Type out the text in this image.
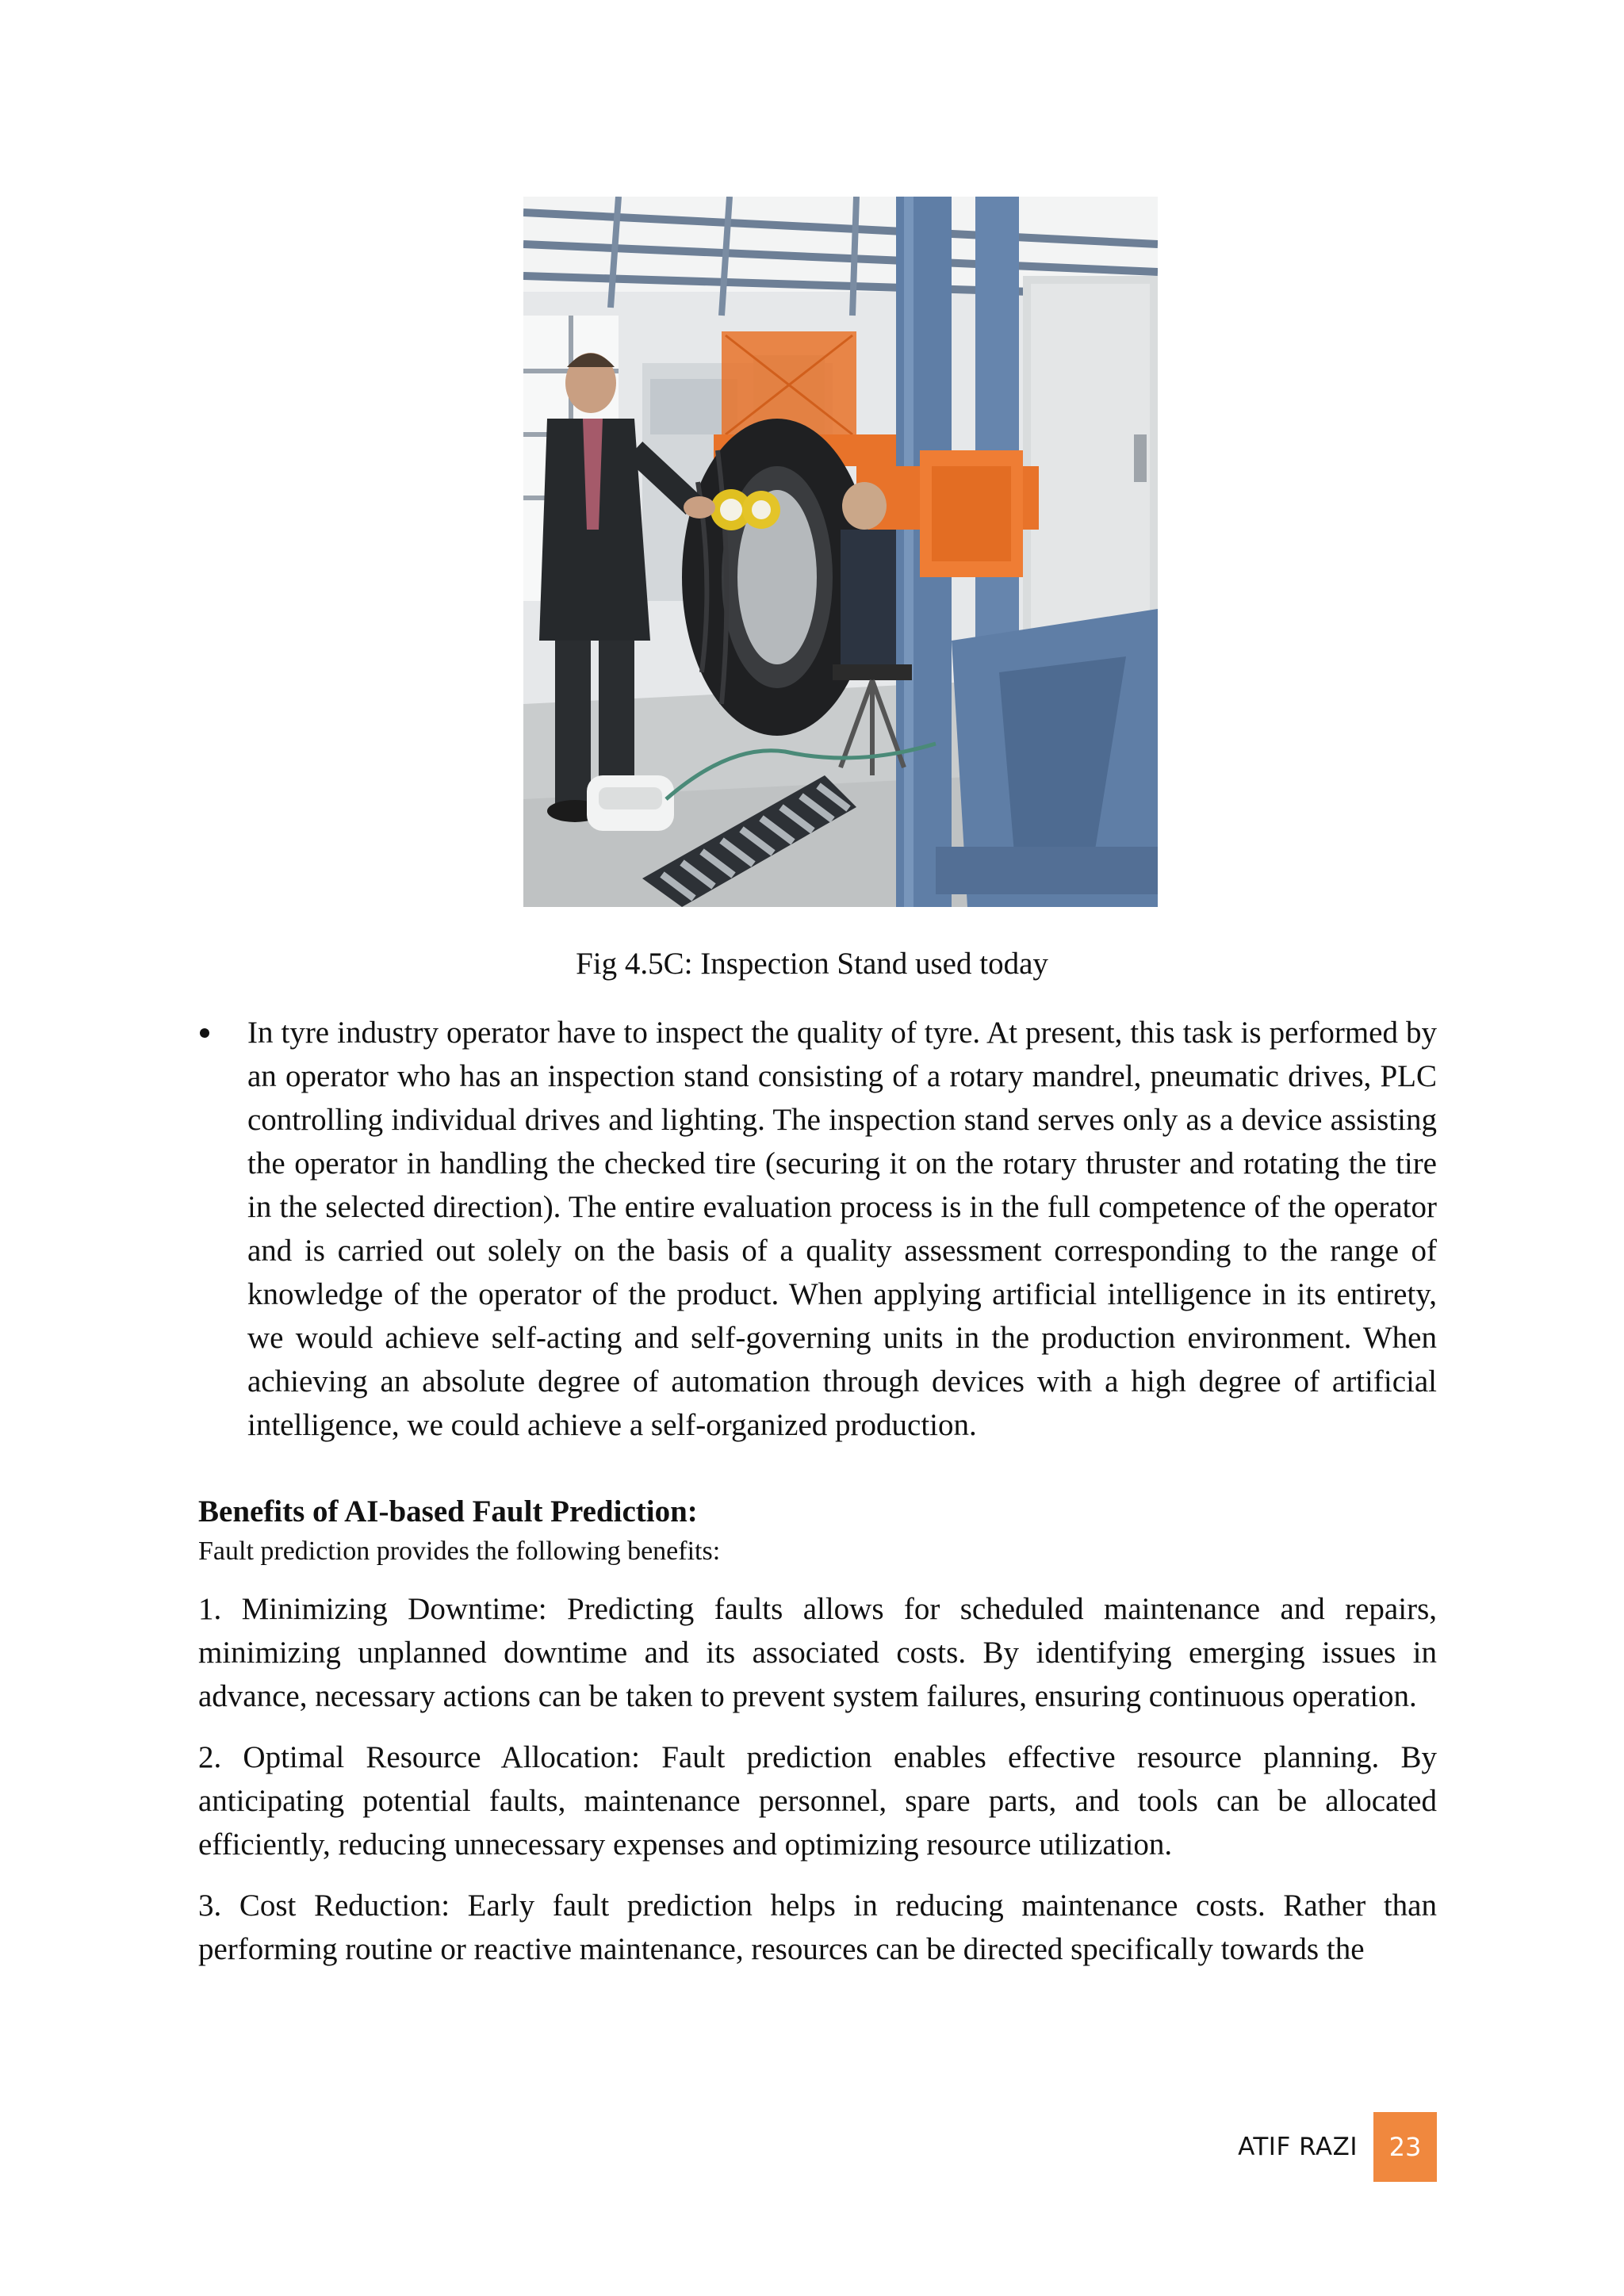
Fig 4.5C: Inspection Stand used today

In tyre industry operator have to inspect the quality of tyre. At present, this task is performed by an operator who has an inspection stand consisting of a rotary mandrel, pneumatic drives, PLC controlling individual drives and lighting. The inspection stand serves only as a device assisting the operator in handling the checked tire (securing it on the rotary thruster and rotating the tire in the selected direction). The entire evaluation process is in the full competence of the operator and is carried out solely on the basis of a quality assessment corresponding to the range of knowledge of the operator of the product. When applying artificial intelligence in its entirety, we would achieve self-acting and self-governing units in the production environment. When achieving an absolute degree of automation through devices with a high degree of artificial intelligence, we could achieve a self-organized production.

Benefits of AI-based Fault Prediction:

Fault prediction provides the following benefits:

1. Minimizing Downtime: Predicting faults allows for scheduled maintenance and repairs, minimizing unplanned downtime and its associated costs. By identifying emerging issues in advance, necessary actions can be taken to prevent system failures, ensuring continuous operation.

2. Optimal Resource Allocation: Fault prediction enables effective resource planning. By anticipating potential faults, maintenance personnel, spare parts, and tools can be allocated efficiently, reducing unnecessary expenses and optimizing resource utilization.

3. Cost Reduction: Early fault prediction helps in reducing maintenance costs. Rather than performing routine or reactive maintenance, resources can be directed specifically towards the

ATIF RAZI	23
